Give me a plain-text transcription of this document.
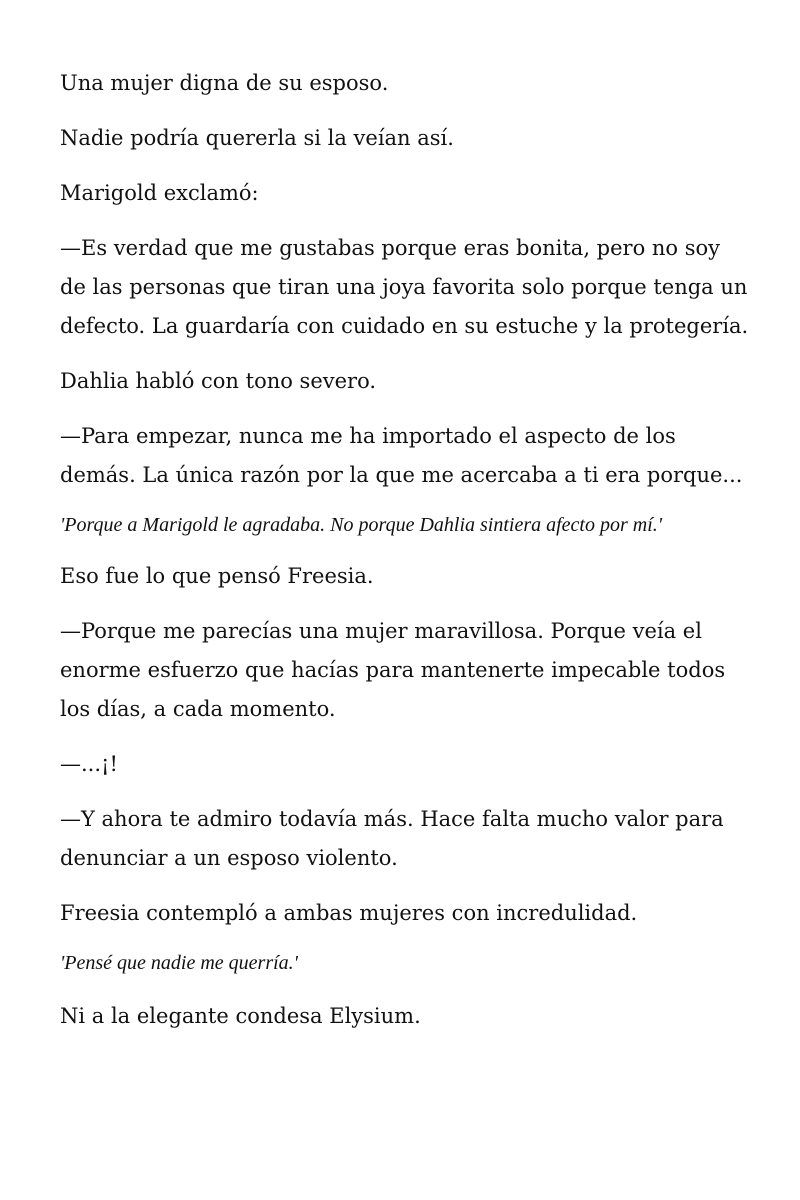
Una mujer digna de su esposo.

Nadie podría quererla si la veían así.

Marigold exclamó:

—Es verdad que me gustabas porque eras bonita, pero no soy de las personas que tiran una joya favorita solo porque tenga un defecto. La guardaría con cuidado en su estuche y la protegería.

Dahlia habló con tono severo.

—Para empezar, nunca me ha importado el aspecto de los demás. La única razón por la que me acercaba a ti era porque...

'Porque a Marigold le agradaba. No porque Dahlia sintiera afecto por mí.'

Eso fue lo que pensó Freesia.

—Porque me parecías una mujer maravillosa. Porque veía el enorme esfuerzo que hacías para mantenerte impecable todos los días, a cada momento.

—...¡!

—Y ahora te admiro todavía más. Hace falta mucho valor para denunciar a un esposo violento.

Freesia contempló a ambas mujeres con incredulidad.

'Pensé que nadie me querría.'

Ni a la elegante condesa Elysium.
